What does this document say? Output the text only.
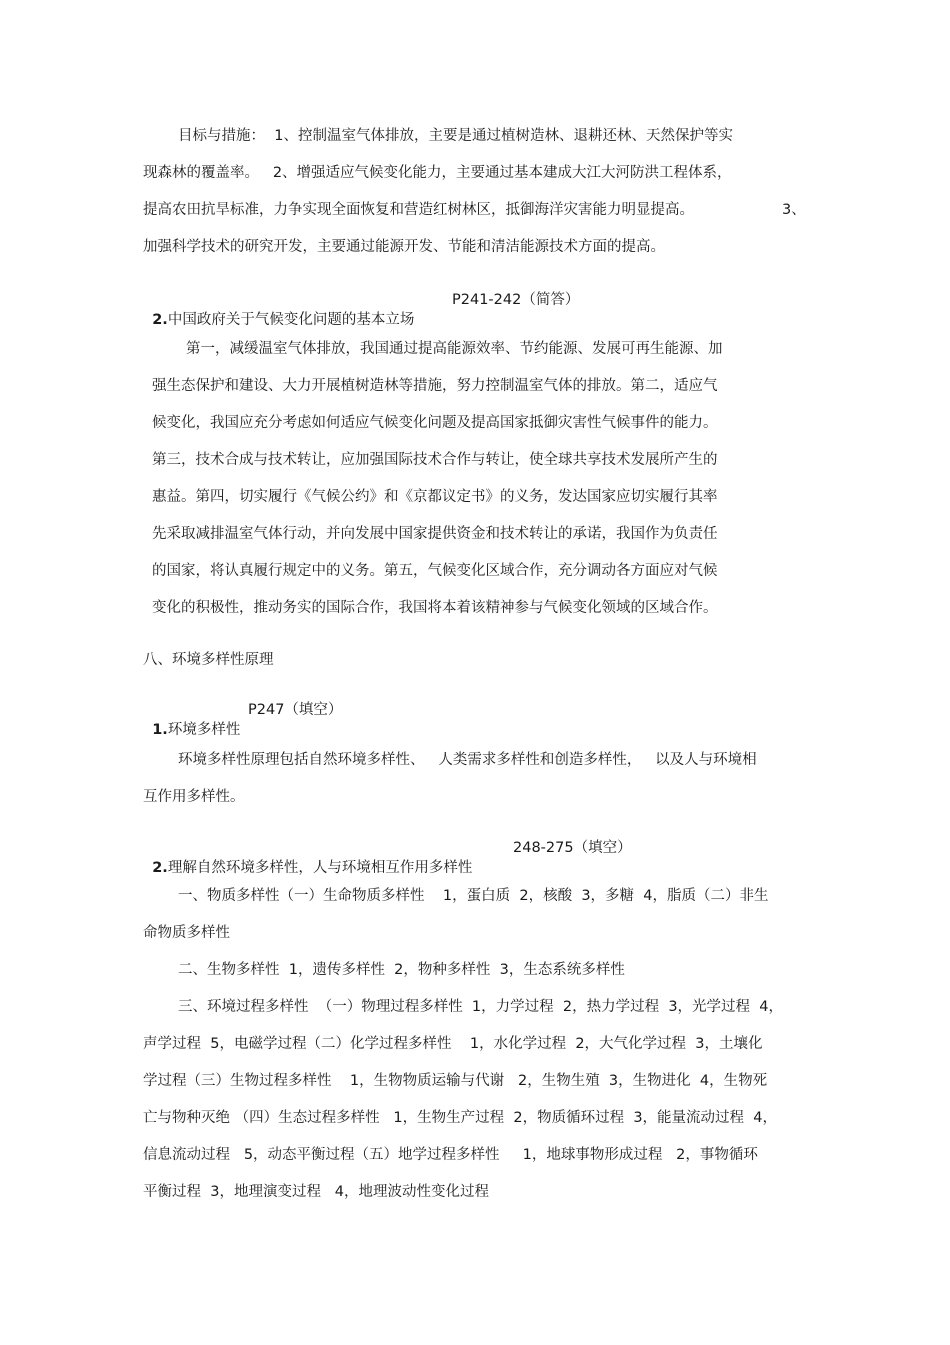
目标与措施：  1、控制温室气体排放，主要是通过植树造林、退耕还林、天然保护等实
现森林的覆盖率。   2、增强适应气候变化能力，主要通过基本建成大江大河防洪工程体系，
提高农田抗旱标准，力争实现全面恢复和营造红树林区，抵御海洋灾害能力明显提高。	3、
加强科学技术的研究开发，主要通过能源开发、节能和清洁能源技术方面的提高。

2.中国政府关于气候变化问题的基本立场

P241-242（简答）
第一，减缓温室气体排放，我国通过提高能源效率、节约能源、发展可再生能源、加
强生态保护和建设、大力开展植树造林等措施，努力控制温室气体的排放。第二，适应气
候变化，我国应充分考虑如何适应气候变化问题及提高国家抵御灾害性气候事件的能力。
第三，技术合成与技术转让，应加强国际技术合作与转让，使全球共享技术发展所产生的
惠益。第四，切实履行《气候公约》和《京都议定书》的义务，发达国家应切实履行其率
先采取减排温室气体行动，并向发展中国家提供资金和技术转让的承诺，我国作为负责任
的国家，将认真履行规定中的义务。第五，气候变化区域合作，充分调动各方面应对气候
变化的积极性，推动务实的国际合作，我国将本着该精神参与气候变化领域的区域合作。
八、环境多样性原理

1.环境多样性

P247（填空）
环境多样性原理包括自然环境多样性、   人类需求多样性和创造多样性，   以及人与环境相
互作用多样性。

2.理解自然环境多样性，人与环境相互作用多样性

248-275（填空）
一、物质多样性（一）生命物质多样性    1，蛋白质  2，核酸  3，多糖  4，脂质（二）非生
命物质多样性
二、生物多样性  1，遗传多样性  2，物种多样性  3，生态系统多样性
三、环境过程多样性  （一）物理过程多样性  1，力学过程  2，热力学过程  3，光学过程  4，
声学过程  5，电磁学过程（二）化学过程多样性    1，水化学过程  2，大气化学过程  3，土壤化
学过程（三）生物过程多样性    1，生物物质运输与代谢   2，生物生殖  3，生物进化  4，生物死
亡与物种灭绝 （四）生态过程多样性   1，生物生产过程  2，物质循环过程  3，能量流动过程  4，
信息流动过程   5，动态平衡过程（五）地学过程多样性     1，地球事物形成过程   2，事物循环
平衡过程  3，地理演变过程   4，地理波动性变化过程
